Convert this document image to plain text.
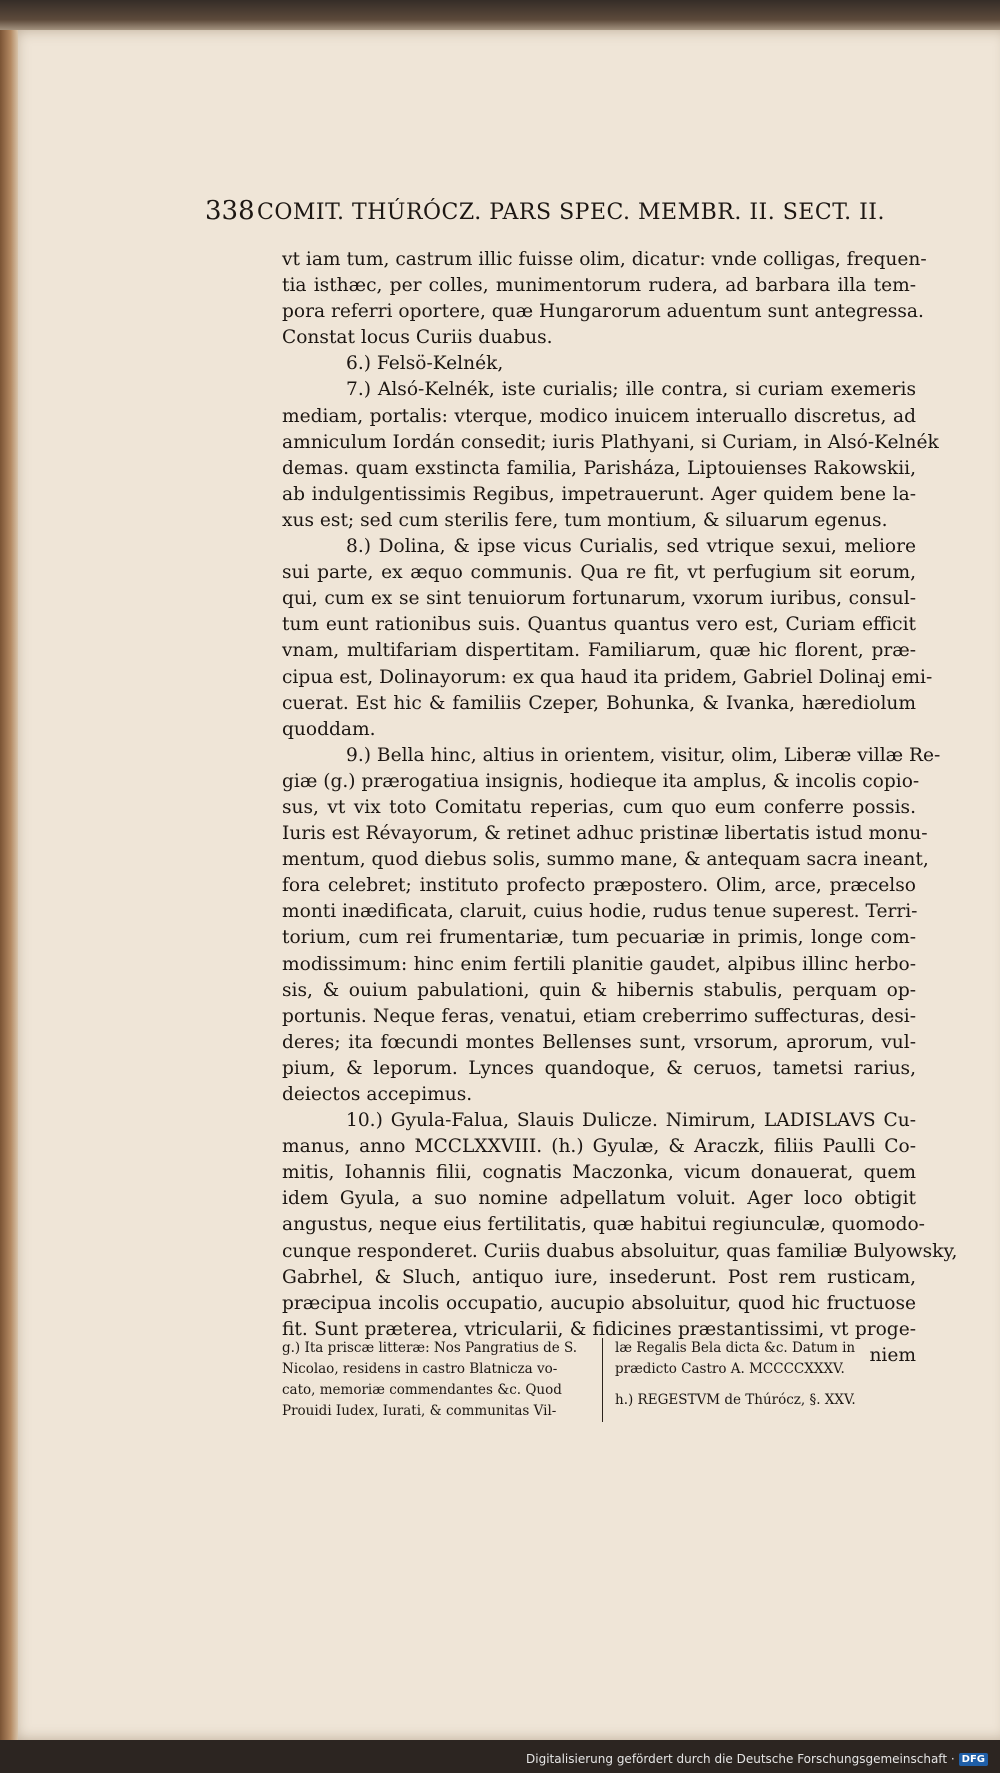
338 COMIT. THÚRÓCZ. PARS SPEC. MEMBR. II. SECT. II.
vt iam tum, castrum illic fuisse olim, dicatur: vnde colligas, frequen-
tia isthæc, per colles, munimentorum rudera, ad barbara illa tem-
pora referri oportere, quæ Hungarorum aduentum sunt antegressa.
Constat locus Curiis duabus.
6.) Felsö-Kelnék,
7.) Alsó-Kelnék, iste curialis; ille contra, si curiam exemeris
mediam, portalis: vterque, modico inuicem interuallo discretus, ad
amniculum Iordán consedit; iuris Plathyani, si Curiam, in Alsó-Kelnék
demas. quam exstincta familia, Parisháza, Liptouienses Rakowskii,
ab indulgentissimis Regibus, impetrauerunt. Ager quidem bene la-
xus est; sed cum sterilis fere, tum montium, & siluarum egenus.
8.) Dolina, & ipse vicus Curialis, sed vtrique sexui, meliore
sui parte, ex æquo communis. Qua re fit, vt perfugium sit eorum,
qui, cum ex se sint tenuiorum fortunarum, vxorum iuribus, consul-
tum eunt rationibus suis. Quantus quantus vero est, Curiam efficit
vnam, multifariam dispertitam. Familiarum, quæ hic florent, præ-
cipua est, Dolinayorum: ex qua haud ita pridem, Gabriel Dolinaj emi-
cuerat. Est hic & familiis Czeper, Bohunka, & Ivanka, hærediolum
quoddam.
9.) Bella hinc, altius in orientem, visitur, olim, Liberæ villæ Re-
giæ (g.) prærogatiua insignis, hodieque ita amplus, & incolis copio-
sus, vt vix toto Comitatu reperias, cum quo eum conferre possis.
Iuris est Révayorum, & retinet adhuc pristinæ libertatis istud monu-
mentum, quod diebus solis, summo mane, & antequam sacra ineant,
fora celebret; instituto profecto præpostero. Olim, arce, præcelso
monti inædificata, claruit, cuius hodie, rudus tenue superest. Terri-
torium, cum rei frumentariæ, tum pecuariæ in primis, longe com-
modissimum: hinc enim fertili planitie gaudet, alpibus illinc herbo-
sis, & ouium pabulationi, quin & hibernis stabulis, perquam op-
portunis. Neque feras, venatui, etiam creberrimo suffecturas, desi-
deres; ita fœcundi montes Bellenses sunt, vrsorum, aprorum, vul-
pium, & leporum. Lynces quandoque, & ceruos, tametsi rarius,
deiectos accepimus.
10.) Gyula-Falua, Slauis Dulicze. Nimirum, LADISLAVS Cu-
manus, anno MCCLXXVIII. (h.) Gyulæ, & Araczk, filiis Paulli Co-
mitis, Iohannis filii, cognatis Maczonka, vicum donauerat, quem
idem Gyula, a suo nomine adpellatum voluit. Ager loco obtigit
angustus, neque eius fertilitatis, quæ habitui regiunculæ, quomodo-
cunque responderet. Curiis duabus absoluitur, quas familiæ Bulyowsky,
Gabrhel, & Sluch, antiquo iure, insederunt. Post rem rusticam,
præcipua incolis occupatio, aucupio absoluitur, quod hic fructuose
fit. Sunt præterea, vtricularii, & fidicines præstantissimi, vt proge-
niem
g.) Ita priscæ litteræ: Nos Pangratius de S.
Nicolao, residens in castro Blatnicza vo-
cato, memoriæ commendantes &c. Quod
Prouidi Iudex, Iurati, & communitas Vil-
læ Regalis Bela dicta &c. Datum in
prædicto Castro A. MCCCCXXXV.
h.) REGESTVM de Thúrócz, §. XXV.
Digitalisierung gefördert durch die Deutsche Forschungsgemeinschaft · DFG
